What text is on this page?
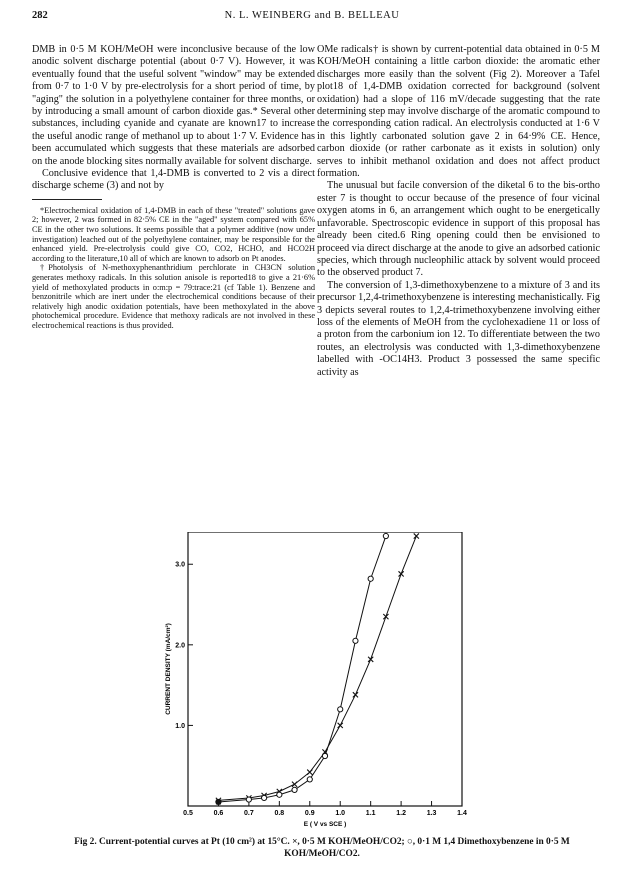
282	N. L. WEINBERG and B. BELLEAU

DMB in 0·5 M KOH/MeOH were inconclusive because of the low anodic solvent discharge potential (about 0·7 V). However, it was eventually found that the useful solvent "window" may be extended from 0·7 to 1·0 V by pre-electrolysis for a short period of time, by "aging" the solution in a polyethylene container for three months, or by introducing a small amount of carbon dioxide gas.* Several other substances, including cyanide and cyanate are known17 to increase the useful anodic range of methanol up to about 1·7 V. Evidence has been accumulated which suggests that these materials are adsorbed on the anode blocking sites normally available for solvent discharge.

Conclusive evidence that 1,4-DMB is converted to 2 vis a direct discharge scheme (3) and not by

*Electrochemical oxidation of 1,4-DMB in each of these "treated" solutions gave 2; however, 2 was formed in 82·5% CE in the "aged" system compared with 65% CE in the other two solutions. It seems possible that a polymer additive (now under investigation) leached out of the polyethylene container, may be responsible for the enhanced yield. Pre-electrolysis could give CO, CO2, HCHO, and HCO2H according to the literature,10 all of which are known to adsorb on Pt anodes.

†Photolysis of N-methoxyphenanthridium perchlorate in CH3CN solution generates methoxy radicals. In this solution anisole is reported18 to give a 21·6% yield of methoxylated products in o:m:p = 79:trace:21 (cf Table 1). Benzene and benzonitrile which are inert under the electrochemical conditions because of their relatively high anodic oxidation potentials, have been methoxylated in the above photochemical procedure. Evidence that methoxy radicals are not involved in these electrochemical reactions is thus provided.

OMe radicals† is shown by current-potential data obtained in 0·5 M KOH/MeOH containing a little carbon dioxide: the aromatic ether discharges more easily than the solvent (Fig 2). Moreover a Tafel plot18 of 1,4-DMB oxidation corrected for background (solvent oxidation) had a slope of 116 mV/decade suggesting that the rate determining step may involve discharge of the aromatic compound to the corresponding cation radical. An electrolysis conducted at 1·6 V in this lightly carbonated solution gave 2 in 64·9% CE. Hence, carbon dioxide (or rather carbonate as it exists in solution) only serves to inhibit methanol oxidation and does not affect product formation.

The unusual but facile conversion of the diketal 6 to the bis-ortho ester 7 is thought to occur because of the presence of four vicinal oxygen atoms in 6, an arrangement which ought to be energetically unfavorable. Spectroscopic evidence in support of this proposal has already been cited.6 Ring opening could then be envisioned to proceed via direct discharge at the anode to give an adsorbed cationic species, which through nucleophilic attack by solvent would proceed to the observed product 7.

The conversion of 1,3-dimethoxybenzene to a mixture of 3 and its precursor 1,2,4-trimethoxybenzene is interesting mechanistically. Fig 3 depicts several routes to 1,2,4-trimethoxybenzene involving either loss of the elements of MeOH from the cyclohexadiene 11 or loss of a proton from the carbonium ion 12. To differentiate between the two routes, an electrolysis was conducted with 1,3-dimethoxybenzene labelled with -OC14H3. Product 3 possessed the same specific activity as

0.5	0.6	0.7	0.8	0.9	1.0	1.1	1.2	1.3	1.4
1.0
2.0
3.0
E ( V vs SCE )
CURRENT DENSITY (mA/cm²)
Fig 2. Current-potential curves at Pt (10 cm²) at 15°C. ×, 0·5 M KOH/MeOH/CO2; ○, 0·1 M 1,4 Dimethoxybenzene in 0·5 M KOH/MeOH/CO2.
